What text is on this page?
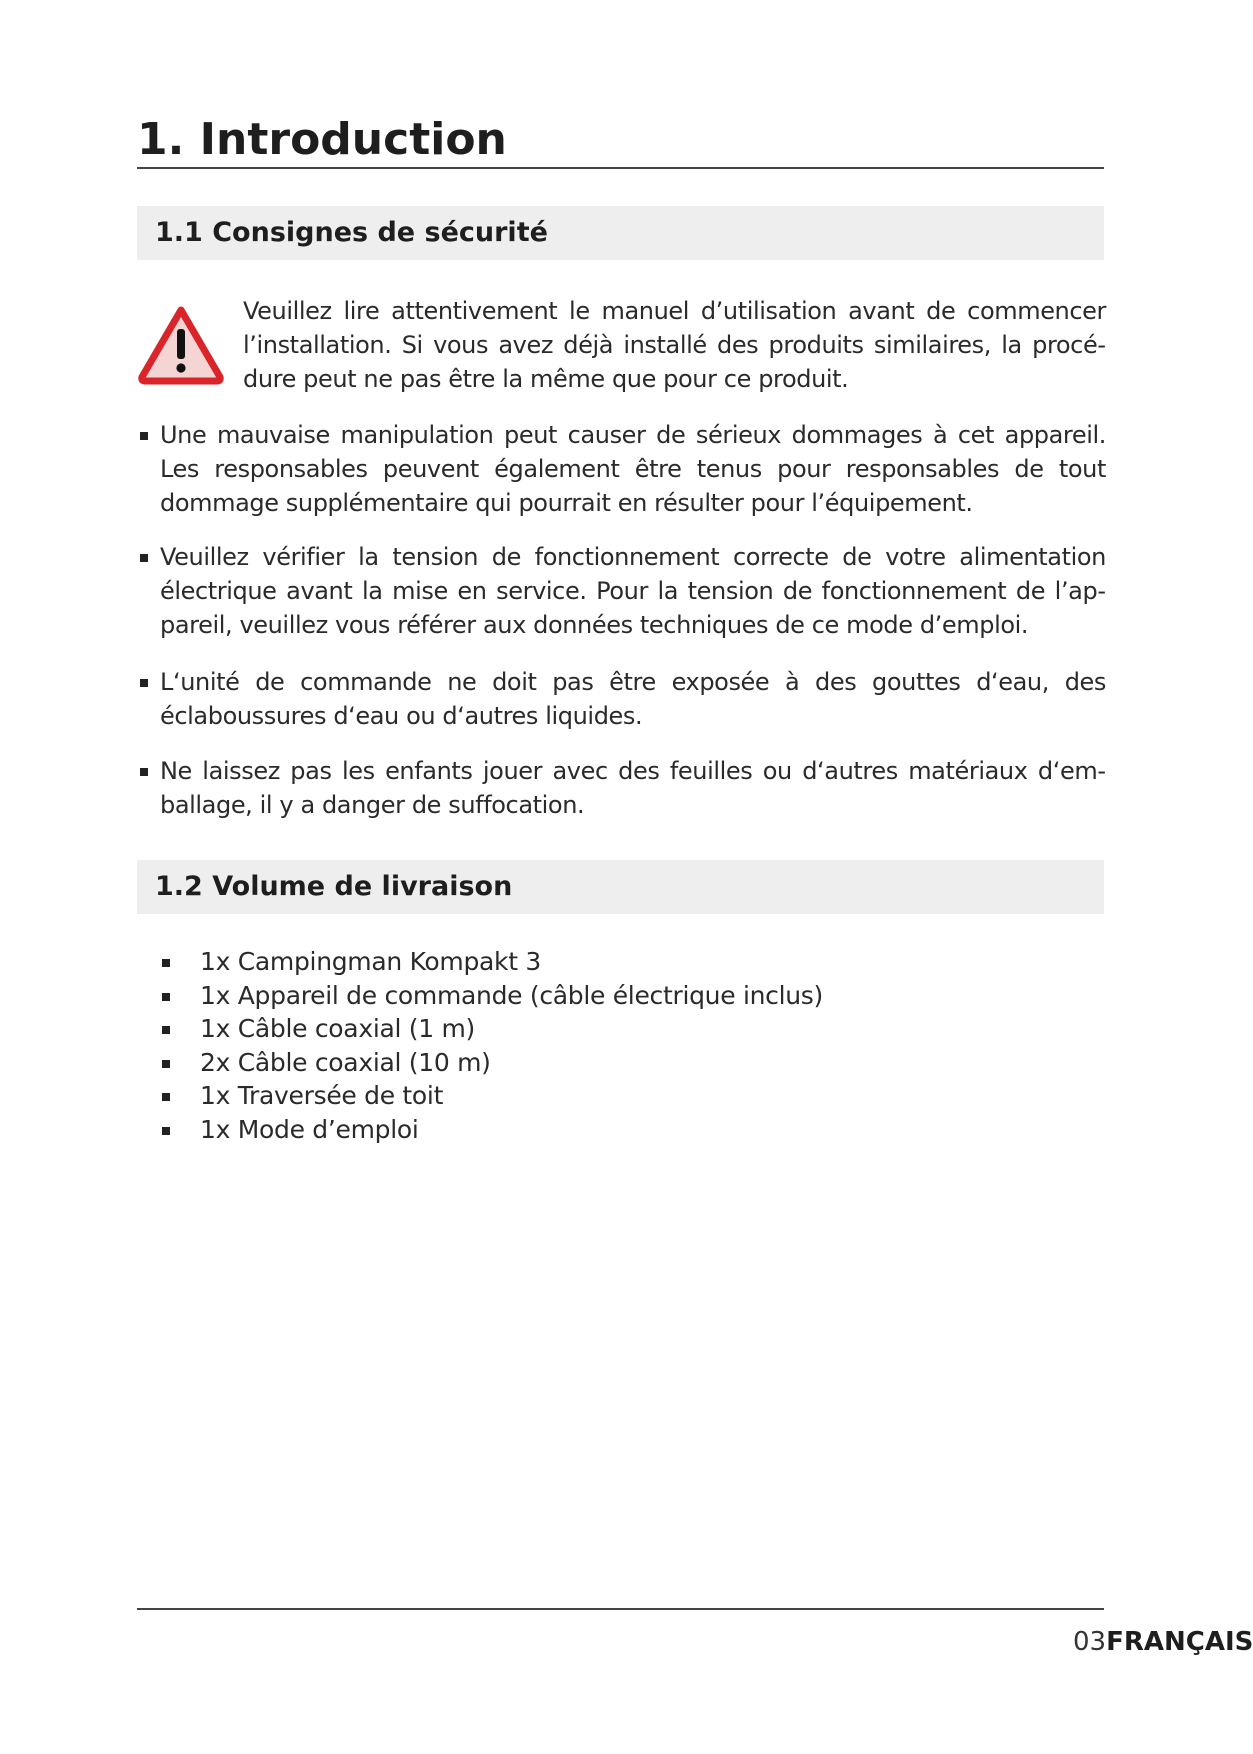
1. Introduction
1.1 Consignes de sécurité
Veuillez lire attentivement le manuel d’utilisation avant de commencer l’installation. Si vous avez déjà installé des produits similaires, la procédure peut ne pas être la même que pour ce produit.
Une mauvaise manipulation peut causer de sérieux dommages à cet appareil. Les responsables peuvent également être tenus pour responsables de tout dommage supplémentaire qui pourrait en résulter pour l’équipement.
Veuillez vérifier la tension de fonctionnement correcte de votre alimentation électrique avant la mise en service. Pour la tension de fonctionnement de l’appareil, veuillez vous référer aux données techniques de ce mode d’emploi.
L‘unité de commande ne doit pas être exposée à des gouttes d‘eau, des éclaboussures d‘eau ou d‘autres liquides.
Ne laissez pas les enfants jouer avec des feuilles ou d‘autres matériaux d‘emballage, il y a danger de suffocation.
1.2 Volume de livraison
1x Campingman Kompakt 3
1x Appareil de commande (câble électrique inclus)
1x Câble coaxial (1 m)
2x Câble coaxial (10 m)
1x Traversée de toit
1x Mode d’emploi
03FRANÇAIS
